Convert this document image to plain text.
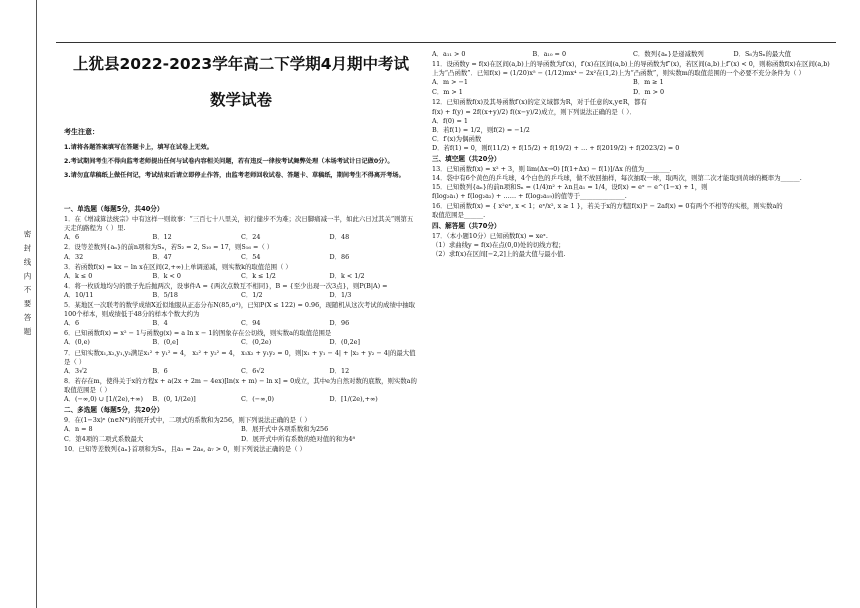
密 封 线 内 不 要 答 题
上犹县2022-2023学年高二下学期4月期中考试
数学试卷
考生注意：
1.请将各题答案填写在答题卡上，填写在试卷上无效。
2.考试期间考生不得向监考老师提出任何与试卷内容相关问题，若有违反一律按考试舞弊处理（本场考试计日记做0分）。
3.请勿直草稿纸上做任何记，考试结束后请立即停止作答，由监考老师回收试卷、答题卡、草稿纸，期间考生不得离开考场。
一、单选题（每题5分，共40分）
1．在《增减算法统宗》中有这样一则故事：“三百七十八里关，初行健步不为难；次日脚痛减一半，如此六日过其关”则第五天走的路程为（ ）里.
A．6	B．12	C．24	D．48
2．设等差数列{aₙ}的前n项和为Sₙ，若S₂ = 2, S₁₀ = 17，则S₁₆ =（ ）
A．32	B．47	C．54	D．86
3．若函数f(x) = kx − ln x在区间(2,+∞)上单调递减，则实数k的取值范围（ ）
A．k ≤ 0	B．k < 0	C．k ≤ 1/2	D．k < 1/2
4．将一枚质地均匀的骰子先后抛两次，设事件A = {两次点数互不相同}，B = {至少出现一次3点}，则P(B|A) =
A．10/11	B．5/18	C．1/2	D．1/3
5．某地区一次联考的数学成绩X近似地服从正态分布N(85,σ²)，已知P(X ≤ 122) = 0.96，现随机从这次考试的成绩中抽取100个样本，则成绩低于48分的样本个数大约为
A．6	B．4	C．94	D．96
6．已知函数f(x) = x² − 1与函数g(x) = a ln x − 1的图象存在公切线，则实数a的取值范围是
A．(0,e)	B．(0,e]	C．(0,2e)	D．(0,2e]
7．已知实数x₁,x₂,y₁,y₂满足x₁² + y₁² = 4， x₂² + y₂² = 4， x₁x₂ + y₁y₂ = 0，则|x₁ + y₁ − 4| + |x₂ + y₂ − 4|的最大值是（ ）
A．3√2	B．6	C．6√2	D．12
8．若存在m，使得关于x的方程x + a(2x + 2m − 4ex)[ln(x + m) − ln x] = 0成立，其中e为自然对数的底数，则实数a的取值范围是（ ）
A．(−∞,0) ∪ [1/(2e),+∞)	B．(0, 1/(2e)]	C．(−∞,0)	D．[1/(2e),+∞)
二、多选题（每题5分，共20分）
9．在(1−3x)ⁿ (n∈N*)的展开式中，二项式的系数和为256，则下列说法正确的是（ ）
A．n = 8	B．展开式中各项系数和为256
C．第4项的二项式系数最大	D．展开式中所有系数的绝对值的和为4⁸
10．已知等差数列{aₙ}首项和为Sₙ，且a₁ = 2a₆, a₇ > 0，则下列说法正确的是（ ）
A．a₁₁ > 0	B．a₁₀ = 0	C．数列{aₙ}是递减数列	D．S₆为Sₙ的最大值
11．设函数y = f(x)在区间(a,b)上的导函数为f′(x)，f′(x)在区间(a,b)上的导函数为f″(x)，若区间(a,b)上f″(x) < 0，则称函数f(x)在区间(a,b)上为“凸函数”．已知f(x) = (1/20)x⁵ − (1/12)mx⁴ − 2x²在(1,2)上为“凸函数”，则实数m的取值范围的一个必要不充分条件为（ ）
A．m > −1	B．m ≥ 1
C．m > 1	D．m > 0
12．已知函数f(x)及其导函数f′(x)的定义域都为R，对于任意的x,y∈R，都有
f(x) + f(y) = 2f((x+y)/2) f((x−y)/2)成立，则下列说法正确的是（ ）．
A．f(0) = 1
B．若f(1) = 1/2，则f(2) = −1/2
C．f′(x)为偶函数
D．若f(1) = 0，则f(11/2) + f(15/2) + f(19/2) + … + f(2019/2) + f(2023/2) = 0
三、填空题（共20分）
13．已知函数f(x) = x² + 3，则 lim(Δx→0) [f(1+Δx) − f(1)]/Δx 的值为________.
14．袋中有6个黄色的乒乓球，4个白色的乒乓球，做不放回抽样，每次抽取一球，取两次，则第二次才能取到黄球的概率为______.
15．已知数列{aₙ}的前n项和Sₙ = (1/4)n² + λn且a₁ = 1/4，设f(x) = eˣ − e^(1−x) + 1，则
f(log₂a₁) + f(log₂a₂) + …… + f(log₂a₁₉)的值等于______________.
16．已知函数f(x) = { x²eˣ, x < 1；eˣ/x², x ≥ 1 }，若关于x的方程[f(x)]² − 2af(x) = 0有两个不相等的实根，则实数a的
取值范围是______.
四、解答题（共70分）
17．（本小题10分）已知函数f(x) = xeˣ.
（1）求曲线y = f(x)在点(0,0)处的切线方程；
（2）求f(x)在区间[−2,2]上的最大值与最小值.
